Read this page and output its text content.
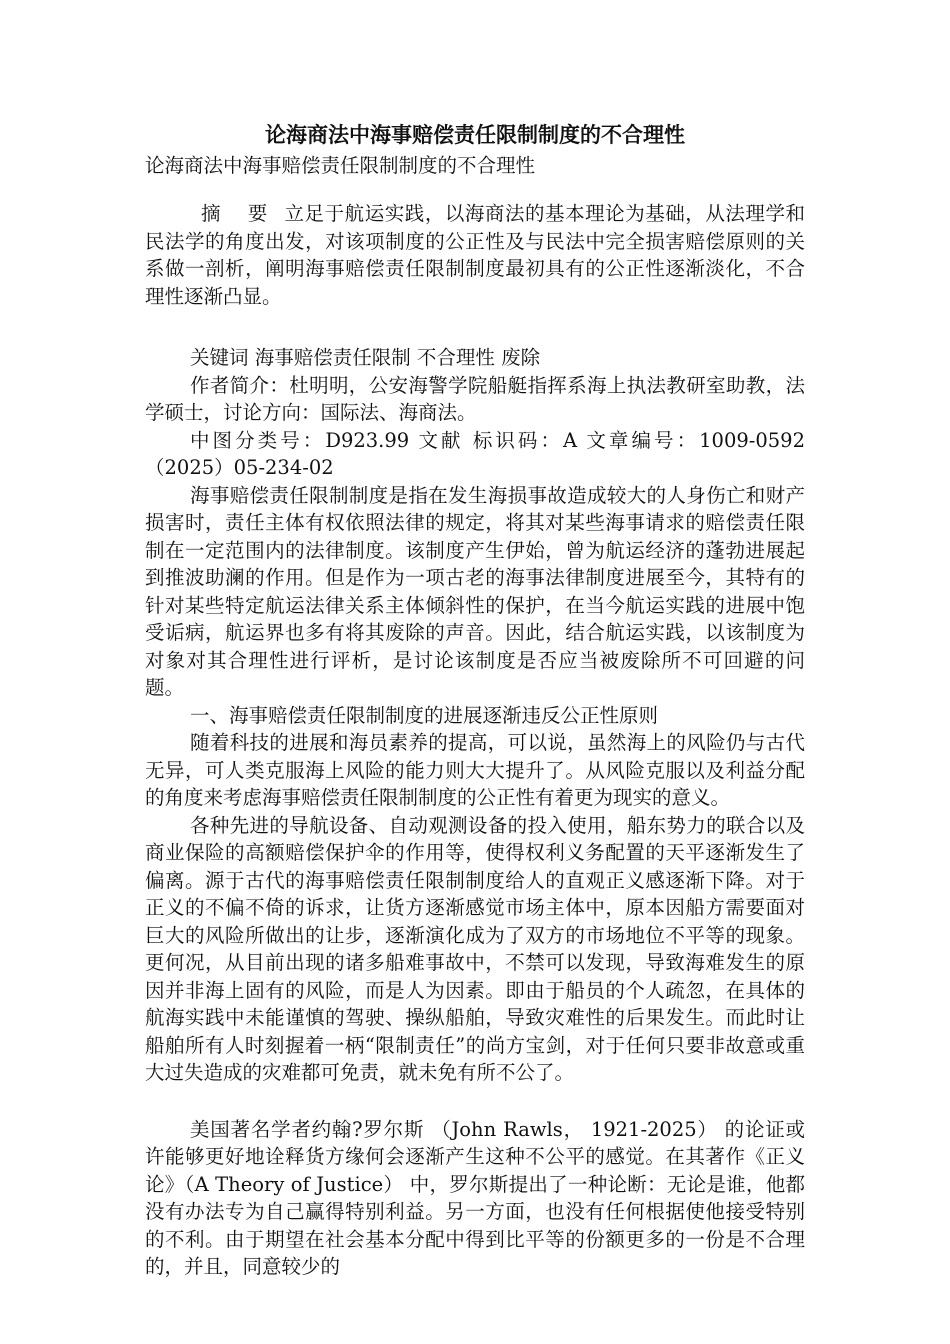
论海商法中海事赔偿责任限制制度的不合理性
论海商法中海事赔偿责任限制制度的不合理性

摘 要 立足于航运实践，以海商法的基本理论为基础，从法理学和民法学的角度出发，对该项制度的公正性及与民法中完全损害赔偿原则的关系做一剖析，阐明海事赔偿责任限制制度最初具有的公正性逐渐淡化，不合理性逐渐凸显。

关键词 海事赔偿责任限制 不合理性 废除

作者简介：杜明明，公安海警学院船艇指挥系海上执法教研室助教，法学硕士，讨论方向：国际法、海商法。

中图分类号：D923.99 文献 标识码：A 文章编号：1009-0592（2025）05-234-02

海事赔偿责任限制制度是指在发生海损事故造成较大的人身伤亡和财产损害时，责任主体有权依照法律的规定，将其对某些海事请求的赔偿责任限制在一定范围内的法律制度。该制度产生伊始，曾为航运经济的蓬勃进展起到推波助澜的作用。但是作为一项古老的海事法律制度进展至今，其特有的针对某些特定航运法律关系主体倾斜性的保护，在当今航运实践的进展中饱受诟病，航运界也多有将其废除的声音。因此，结合航运实践，以该制度为对象对其合理性进行评析，是讨论该制度是否应当被废除所不可回避的问题。

一、海事赔偿责任限制制度的进展逐渐违反公正性原则

随着科技的进展和海员素养的提高，可以说，虽然海上的风险仍与古代无异，可人类克服海上风险的能力则大大提升了。从风险克服以及利益分配的角度来考虑海事赔偿责任限制制度的公正性有着更为现实的意义。

各种先进的导航设备、自动观测设备的投入使用，船东势力的联合以及商业保险的高额赔偿保护伞的作用等，使得权利义务配置的天平逐渐发生了偏离。源于古代的海事赔偿责任限制制度给人的直观正义感逐渐下降。对于正义的不偏不倚的诉求，让货方逐渐感觉市场主体中，原本因船方需要面对巨大的风险所做出的让步，逐渐演化成为了双方的市场地位不平等的现象。更何况，从目前出现的诸多船难事故中，不禁可以发现，导致海难发生的原因并非海上固有的风险，而是人为因素。即由于船员的个人疏忽，在具体的航海实践中未能谨慎的驾驶、操纵船舶，导致灾难性的后果发生。而此时让船舶所有人时刻握着一柄“限制责任”的尚方宝剑，对于任何只要非故意或重大过失造成的灾难都可免责，就未免有所不公了。

美国著名学者约翰?罗尔斯 （John Rawls， 1921-2025） 的论证或许能够更好地诠释货方缘何会逐渐产生这种不公平的感觉。在其著作《正义论》（A Theory of Justice） 中，罗尔斯提出了一种论断：无论是谁，他都没有办法专为自己赢得特别利益。另一方面，也没有任何根据使他接受特别的不利。由于期望在社会基本分配中得到比平等的份额更多的一份是不合理的，并且，同意较少的
